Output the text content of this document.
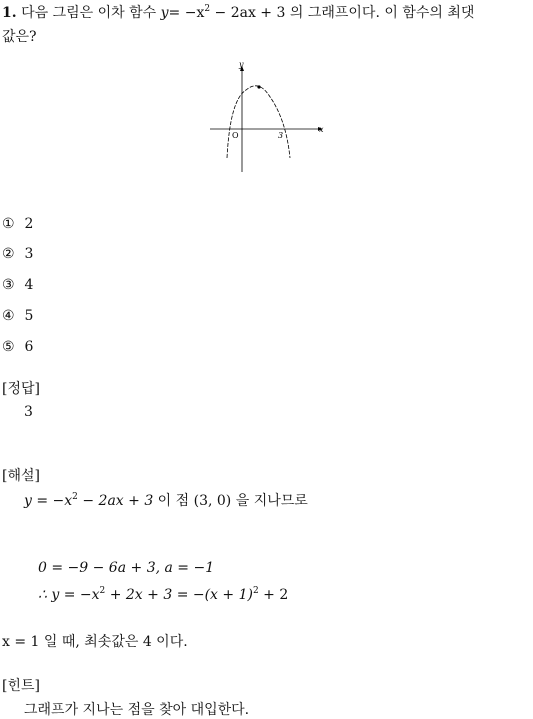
1. 다음 그림은 이차 함수 $y= -x^2 - 2ax + 3$ 의 그래프이다. 이 함수의 최댓
값은?
y
x
O	3
① 2
② 3
③ 4
④ 5
⑤ 6
[정답]
3
[해설]
$y = -x^2 - 2ax + 3$ 이 점 (3, 0) 을 지나므로
0 = −9 − 6a + 3, a = −1
∴ $y = -x^2 + 2x + 3 = -(x + 1)^2 + 2$
x = 1 일 때, 최솟값은 4 이다.
[힌트]
그래프가 지나는 점을 찾아 대입한다.
